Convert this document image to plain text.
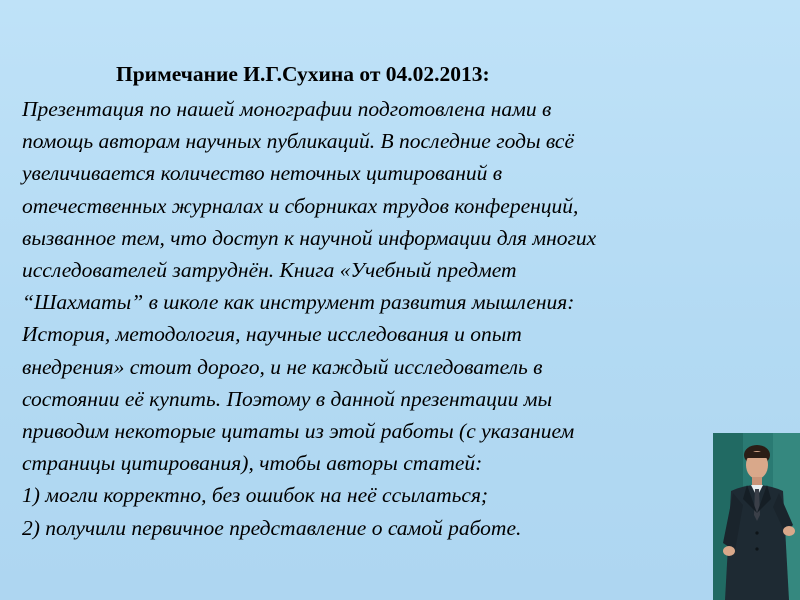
Примечание И.Г.Сухина от 04.02.2013:

Презентация по нашей монографии подготовлена нами в
помощь авторам научных публикаций. В последние годы всё
увеличивается количество неточных цитирований в
отечественных журналах и сборниках трудов конференций,
вызванное тем, что доступ к научной информации для многих
исследователей затруднён. Книга «Учебный предмет
“Шахматы” в школе как инструмент развития мышления:
История, методология, научные исследования и опыт
внедрения» стоит дорого, и не каждый исследователь в
состоянии её купить. Поэтому в данной презентации мы
приводим некоторые цитаты из этой работы (с указанием
страницы цитирования), чтобы авторы статей:
1) могли корректно, без ошибок на неё ссылаться;
2) получили первичное представление о самой работе.
